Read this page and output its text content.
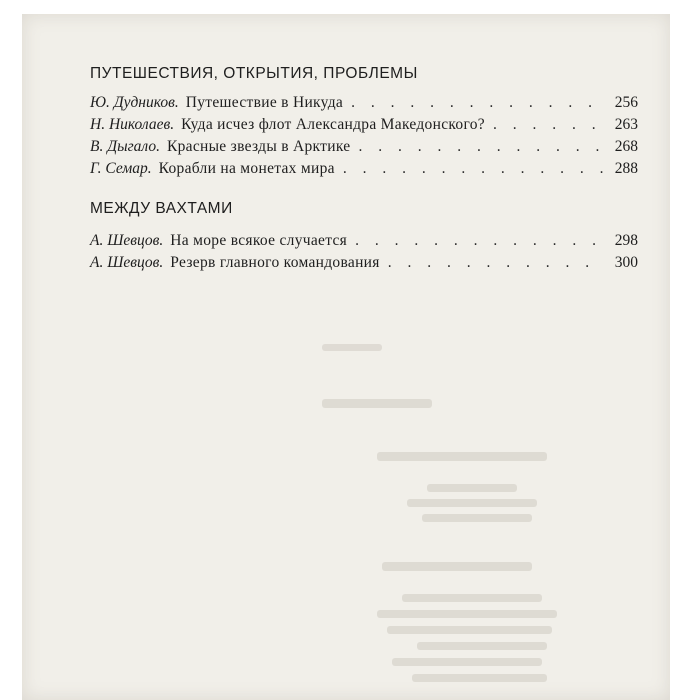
ПУТЕШЕСТВИЯ, ОТКРЫТИЯ, ПРОБЛЕМЫ
Ю. Дудников. Путешествие в Никуда . . .	256
Н. Николаев. Куда исчез флот Александра Македонского? . . .	263
В. Дыгало. Красные звезды в Арктике . . .	268
Г. Семар. Корабли на монетах мира . . .	288
МЕЖДУ ВАХТАМИ
А. Шевцов. На море всякое случается . . .	298
А. Шевцов. Резерв главного командования . . .	300
